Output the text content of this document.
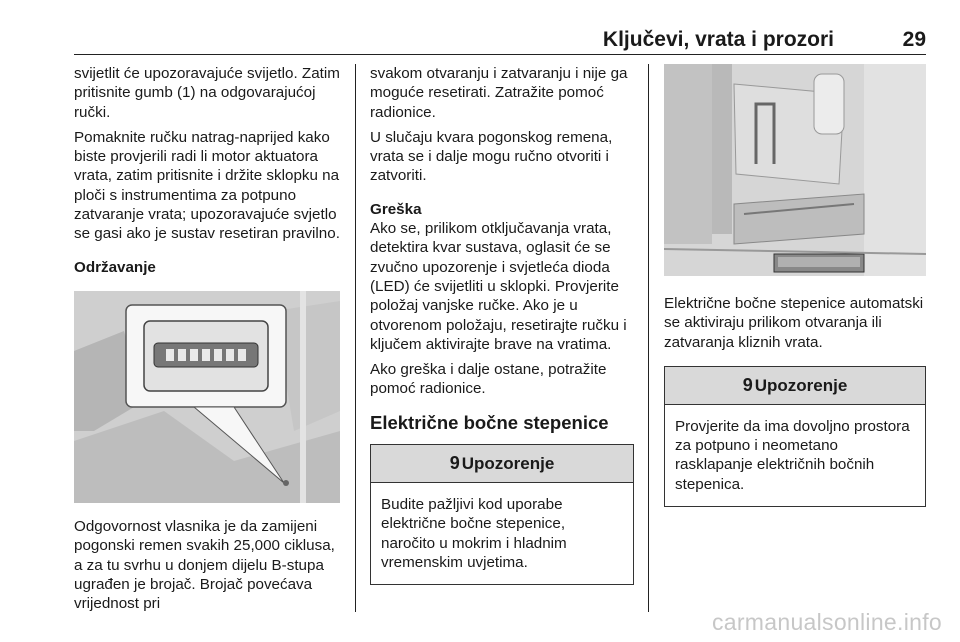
Ključevi, vrata i prozori	29

svijetlit će upozoravajuće svijetlo. Zatim pritisnite gumb (1) na odgovarajućoj ručki.

Pomaknite ručku natrag-naprijed kako biste provjerili radi li motor aktuatora vrata, zatim pritisnite i držite sklopku na ploči s instrumentima za potpuno zatvaranje vrata; upozoravajuće svjetlo se gasi ako je sustav resetiran pravilno.

Održavanje

Odgovornost vlasnika je da zamijeni pogonski remen svakih 25,000 ciklusa, a za tu svrhu u donjem dijelu B-stupa ugrađen je brojač. Brojač povećava vrijednost pri

svakom otvaranju i zatvaranju i nije ga moguće resetirati. Zatražite pomoć radionice.

U slučaju kvara pogonskog remena, vrata se i dalje mogu ručno otvoriti i zatvoriti.

Greška

Ako se, prilikom otključavanja vrata, detektira kvar sustava, oglasit će se zvučno upozorenje i svjetleća dioda (LED) će svijetliti u sklopki. Provjerite položaj vanjske ručke. Ako je u otvorenom položaju, resetirajte ručku i ključem aktivirajte brave na vratima.

Ako greška i dalje ostane, potražite pomoć radionice.

Električne bočne stepenice
9 Upozorenje
Budite pažljivi kod uporabe električne bočne stepenice, naročito u mokrim i hladnim vremenskim uvjetima.

Električne bočne stepenice automatski se aktiviraju prilikom otvaranja ili zatvaranja kliznih vrata.

9 Upozorenje
Provjerite da ima dovoljno prostora za potpuno i neometano rasklapanje električnih bočnih stepenica.
carmanualsonline.info
